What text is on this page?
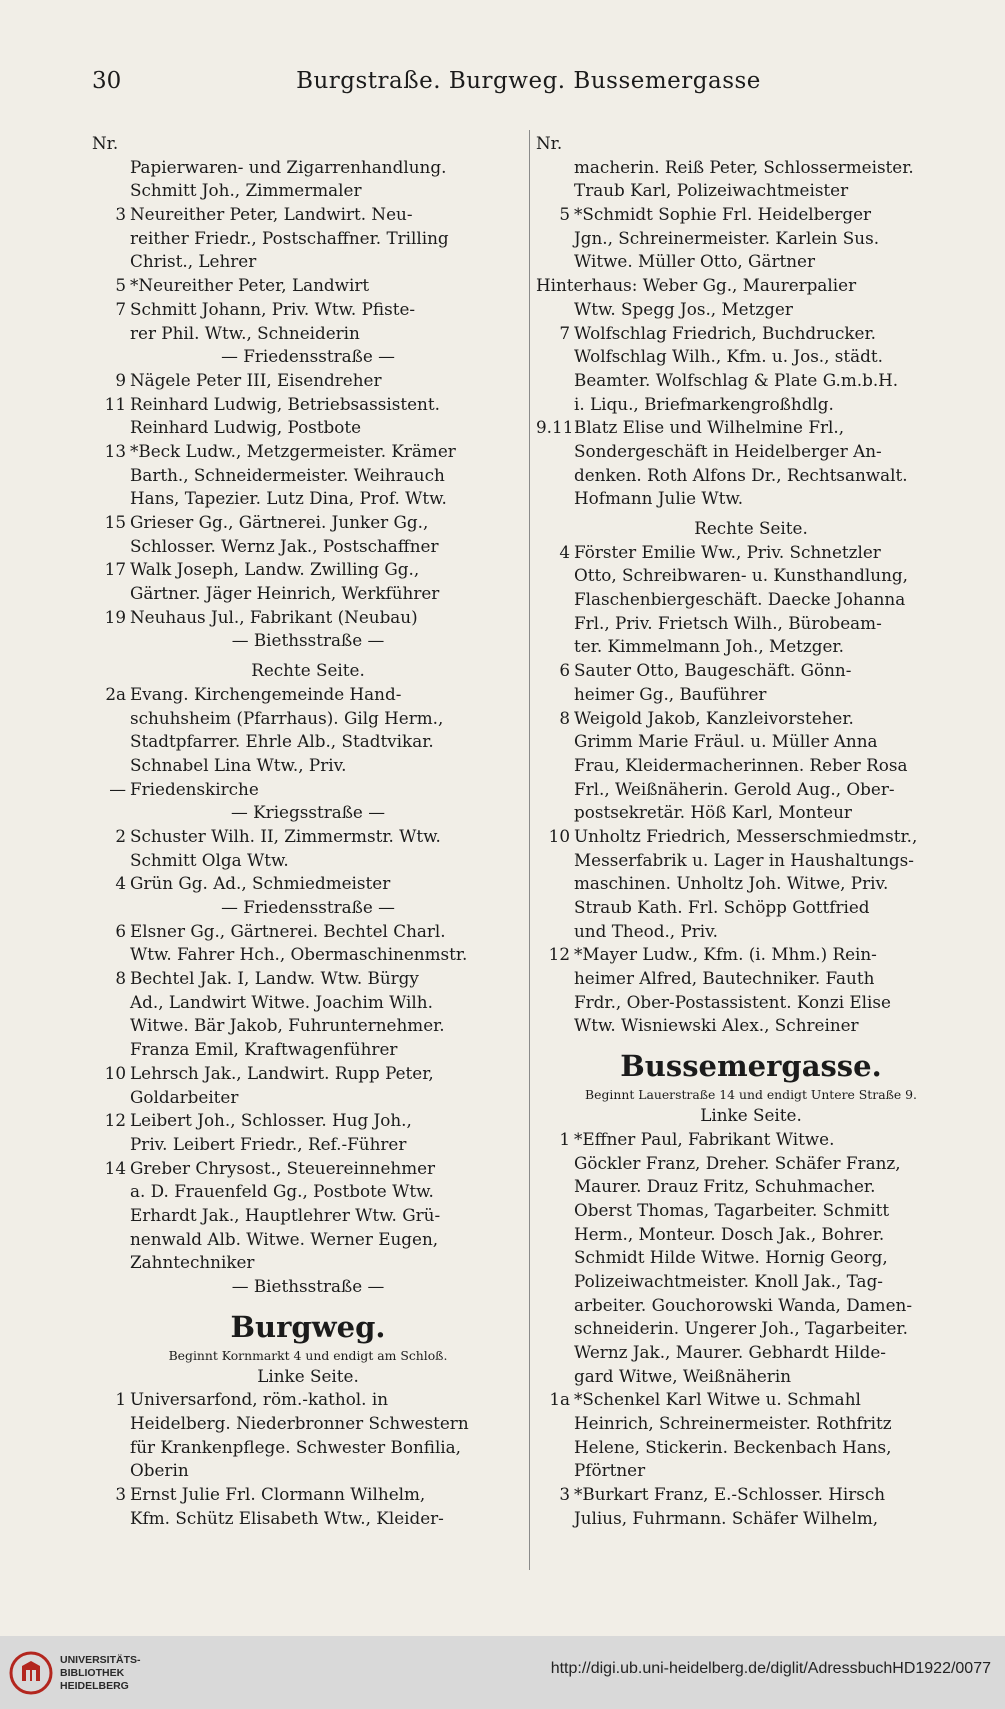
30	Burgstraße. Burgweg. Bussemergasse
Nr.
Papierwaren- und Zigarrenhandlung.
Schmitt Joh., Zimmermaler
3 Neureither Peter, Landwirt. Neu-
reither Friedr., Postschaffner. Trilling
Christ., Lehrer
5 *Neureither Peter, Landwirt
7 Schmitt Johann, Priv. Wtw. Pfiste-
rer Phil. Wtw., Schneiderin
— Friedensstraße —
9 Nägele Peter III, Eisendreher
11 Reinhard Ludwig, Betriebsassistent.
Reinhard Ludwig, Postbote
13 *Beck Ludw., Metzgermeister. Krämer
Barth., Schneidermeister. Weihrauch
Hans, Tapezier. Lutz Dina, Prof. Wtw.
15 Grieser Gg., Gärtnerei. Junker Gg.,
Schlosser. Wernz Jak., Postschaffner
17 Walk Joseph, Landw. Zwilling Gg.,
Gärtner. Jäger Heinrich, Werkführer
19 Neuhaus Jul., Fabrikant (Neubau)
— Biethsstraße —
Rechte Seite.
2a Evang. Kirchengemeinde Hand-
schuhsheim (Pfarrhaus). Gilg Herm.,
Stadtpfarrer. Ehrle Alb., Stadtvikar.
Schnabel Lina Wtw., Priv.
— Friedenskirche
— Kriegsstraße —
2 Schuster Wilh. II, Zimmermstr. Wtw.
Schmitt Olga Wtw.
4 Grün Gg. Ad., Schmiedmeister
— Friedensstraße —
6 Elsner Gg., Gärtnerei. Bechtel Charl.
Wtw. Fahrer Hch., Obermaschinenmstr.
8 Bechtel Jak. I, Landw. Wtw. Bürgy
Ad., Landwirt Witwe. Joachim Wilh.
Witwe. Bär Jakob, Fuhrunternehmer.
Franza Emil, Kraftwagenführer
10 Lehrsch Jak., Landwirt. Rupp Peter,
Goldarbeiter
12 Leibert Joh., Schlosser. Hug Joh.,
Priv. Leibert Friedr., Ref.-Führer
14 Greber Chrysost., Steuereinnehmer
a. D. Frauenfeld Gg., Postbote Wtw.
Erhardt Jak., Hauptlehrer Wtw. Grü-
nenwald Alb. Witwe. Werner Eugen,
Zahntechniker
— Biethsstraße —
Burgweg.
Beginnt Kornmarkt 4 und endigt am Schloß.
Linke Seite.
1 Universarfond, röm.-kathol. in
Heidelberg. Niederbronner Schwestern
für Krankenpflege. Schwester Bonfilia,
Oberin
3 Ernst Julie Frl. Clormann Wilhelm,
Kfm. Schütz Elisabeth Wtw., Kleider-
Nr.
macherin. Reiß Peter, Schlossermeister.
Traub Karl, Polizeiwachtmeister
5 *Schmidt Sophie Frl. Heidelberger
Jgn., Schreinermeister. Karlein Sus.
Witwe. Müller Otto, Gärtner
Hinterhaus: Weber Gg., Maurerpalier
Wtw. Spegg Jos., Metzger
7 Wolfschlag Friedrich, Buchdrucker.
Wolfschlag Wilh., Kfm. u. Jos., städt.
Beamter. Wolfschlag & Plate G.m.b.H.
i. Liqu., Briefmarkengroßhdlg.
9.11 Blatz Elise und Wilhelmine Frl.,
Sondergeschäft in Heidelberger An-
denken. Roth Alfons Dr., Rechtsanwalt.
Hofmann Julie Wtw.
Rechte Seite.
4 Förster Emilie Ww., Priv. Schnetzler
Otto, Schreibwaren- u. Kunsthandlung,
Flaschenbiergeschäft. Daecke Johanna
Frl., Priv. Frietsch Wilh., Bürobeam-
ter. Kimmelmann Joh., Metzger.
6 Sauter Otto, Baugeschäft. Gönn-
heimer Gg., Bauführer
8 Weigold Jakob, Kanzleivorsteher.
Grimm Marie Fräul. u. Müller Anna
Frau, Kleidermacherinnen. Reber Rosa
Frl., Weißnäherin. Gerold Aug., Ober-
postsekretär. Höß Karl, Monteur
10 Unholtz Friedrich, Messerschmiedmstr.,
Messerfabrik u. Lager in Haushaltungs-
maschinen. Unholtz Joh. Witwe, Priv.
Straub Kath. Frl. Schöpp Gottfried
und Theod., Priv.
12 *Mayer Ludw., Kfm. (i. Mhm.) Rein-
heimer Alfred, Bautechniker. Fauth
Frdr., Ober-Postassistent. Konzi Elise
Wtw. Wisniewski Alex., Schreiner
Bussemergasse.
Beginnt Lauerstraße 14 und endigt Untere Straße 9.
Linke Seite.
1 *Effner Paul, Fabrikant Witwe.
Göckler Franz, Dreher. Schäfer Franz,
Maurer. Drauz Fritz, Schuhmacher.
Oberst Thomas, Tagarbeiter. Schmitt
Herm., Monteur. Dosch Jak., Bohrer.
Schmidt Hilde Witwe. Hornig Georg,
Polizeiwachtmeister. Knoll Jak., Tag-
arbeiter. Gouchorowski Wanda, Damen-
schneiderin. Ungerer Joh., Tagarbeiter.
Wernz Jak., Maurer. Gebhardt Hilde-
gard Witwe, Weißnäherin
1a *Schenkel Karl Witwe u. Schmahl
Heinrich, Schreinermeister. Rothfritz
Helene, Stickerin. Beckenbach Hans,
Pförtner
3 *Burkart Franz, E.-Schlosser. Hirsch
Julius, Fuhrmann. Schäfer Wilhelm,
UNIVERSITÄTS-
BIBLIOTHEK
HEIDELBERG
http://digi.ub.uni-heidelberg.de/diglit/AdressbuchHD1922/0077
